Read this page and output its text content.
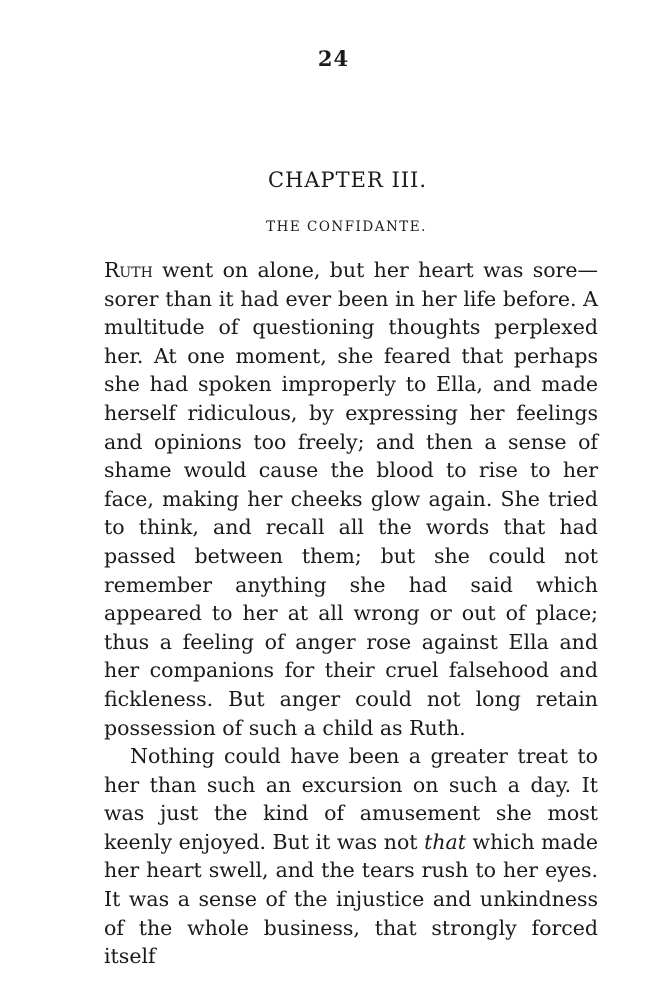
24
CHAPTER III.
THE CONFIDANTE.

Ruth went on alone, but her heart was sore—sorer than it had ever been in her life before. A multitude of questioning thoughts perplexed her. At one moment, she feared that perhaps she had spoken improperly to Ella, and made herself ridiculous, by expressing her feelings and opinions too freely; and then a sense of shame would cause the blood to rise to her face, making her cheeks glow again. She tried to think, and recall all the words that had passed between them; but she could not remember anything she had said which appeared to her at all wrong or out of place; thus a feeling of anger rose against Ella and her companions for their cruel falsehood and fickleness. But anger could not long retain possession of such a child as Ruth.

Nothing could have been a greater treat to her than such an excursion on such a day. It was just the kind of amusement she most keenly enjoyed. But it was not that which made her heart swell, and the tears rush to her eyes. It was a sense of the injustice and unkindness of the whole business, that strongly forced itself
